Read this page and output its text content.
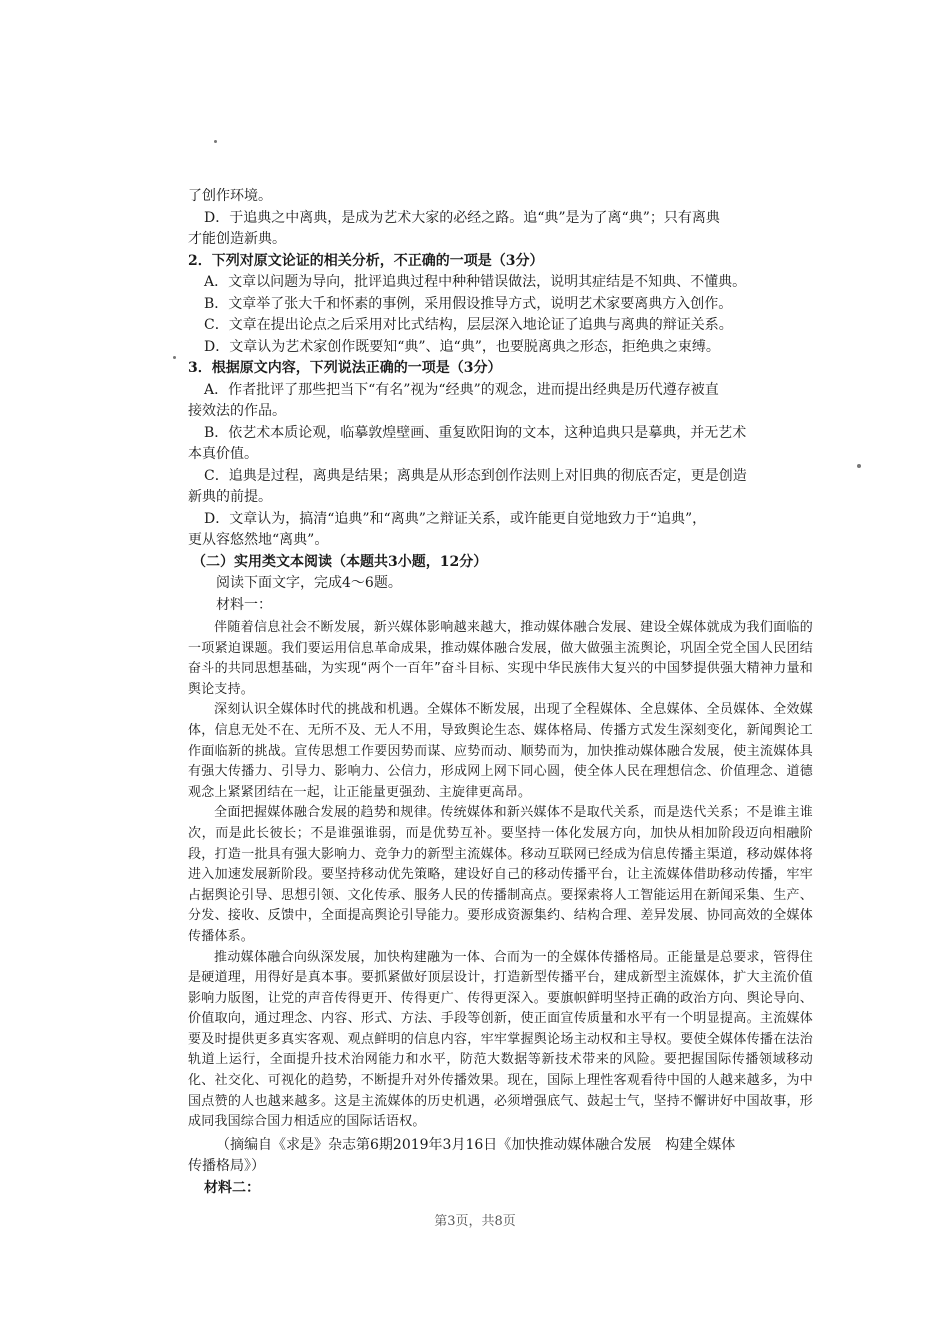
了创作环境。
D．于追典之中离典，是成为艺术大家的必经之路。追“典”是为了离“典”；只有离典
才能创造新典。
2．下列对原文论证的相关分析，不正确的一项是（3分）
A．文章以问题为导向，批评追典过程中种种错误做法，说明其症结是不知典、不懂典。
B．文章举了张大千和怀素的事例，采用假设推导方式，说明艺术家要离典方入创作。
C．文章在提出论点之后采用对比式结构，层层深入地论证了追典与离典的辩证关系。
D．文章认为艺术家创作既要知“典”、追“典”，也要脱离典之形态，拒绝典之束缚。
3．根据原文内容，下列说法正确的一项是（3分）
A．作者批评了那些把当下“有名”视为“经典”的观念，进而提出经典是历代遵存被直
接效法的作品。
B．依艺术本质论观，临摹敦煌壁画、重复欧阳询的文本，这种追典只是摹典，并无艺术
本真价值。
C．追典是过程，离典是结果；离典是从形态到创作法则上对旧典的彻底否定，更是创造
新典的前提。
D．文章认为，搞清“追典”和“离典”之辩证关系，或许能更自觉地致力于“追典”，
更从容悠然地“离典”。
（二）实用类文本阅读（本题共3小题，12分）
阅读下面文字，完成4～6题。
材料一：
伴随着信息社会不断发展，新兴媒体影响越来越大，推动媒体融合发展、建设全媒体就成为我们面临的一项紧迫课题。我们要运用信息革命成果，推动媒体融合发展，做大做强主流舆论，巩固全党全国人民团结奋斗的共同思想基础，为实现“两个一百年”奋斗目标、实现中华民族伟大复兴的中国梦提供强大精神力量和舆论支持。
深刻认识全媒体时代的挑战和机遇。全媒体不断发展，出现了全程媒体、全息媒体、全员媒体、全效媒体，信息无处不在、无所不及、无人不用，导致舆论生态、媒体格局、传播方式发生深刻变化，新闻舆论工作面临新的挑战。宣传思想工作要因势而谋、应势而动、顺势而为，加快推动媒体融合发展，使主流媒体具有强大传播力、引导力、影响力、公信力，形成网上网下同心圆，使全体人民在理想信念、价值理念、道德观念上紧紧团结在一起，让正能量更强劲、主旋律更高昂。
全面把握媒体融合发展的趋势和规律。传统媒体和新兴媒体不是取代关系，而是迭代关系；不是谁主谁次，而是此长彼长；不是谁强谁弱，而是优势互补。要坚持一体化发展方向，加快从相加阶段迈向相融阶段，打造一批具有强大影响力、竞争力的新型主流媒体。移动互联网已经成为信息传播主渠道，移动媒体将进入加速发展新阶段。要坚持移动优先策略，建设好自己的移动传播平台，让主流媒体借助移动传播，牢牢占据舆论引导、思想引领、文化传承、服务人民的传播制高点。要探索将人工智能运用在新闻采集、生产、分发、接收、反馈中，全面提高舆论引导能力。要形成资源集约、结构合理、差异发展、协同高效的全媒体传播体系。
推动媒体融合向纵深发展，加快构建融为一体、合而为一的全媒体传播格局。正能量是总要求，管得住是硬道理，用得好是真本事。要抓紧做好顶层设计，打造新型传播平台，建成新型主流媒体，扩大主流价值影响力版图，让党的声音传得更开、传得更广、传得更深入。要旗帜鲜明坚持正确的政治方向、舆论导向、价值取向，通过理念、内容、形式、方法、手段等创新，使正面宣传质量和水平有一个明显提高。主流媒体要及时提供更多真实客观、观点鲜明的信息内容，牢牢掌握舆论场主动权和主导权。要使全媒体传播在法治轨道上运行，全面提升技术治网能力和水平，防范大数据等新技术带来的风险。要把握国际传播领域移动化、社交化、可视化的趋势，不断提升对外传播效果。现在，国际上理性客观看待中国的人越来越多，为中国点赞的人也越来越多。这是主流媒体的历史机遇，必须增强底气、鼓起士气，坚持不懈讲好中国故事，形成同我国综合国力相适应的国际话语权。
（摘编自《求是》杂志第6期2019年3月16日《加快推动媒体融合发展　构建全媒体
传播格局》）
材料二：
第3页，共8页
